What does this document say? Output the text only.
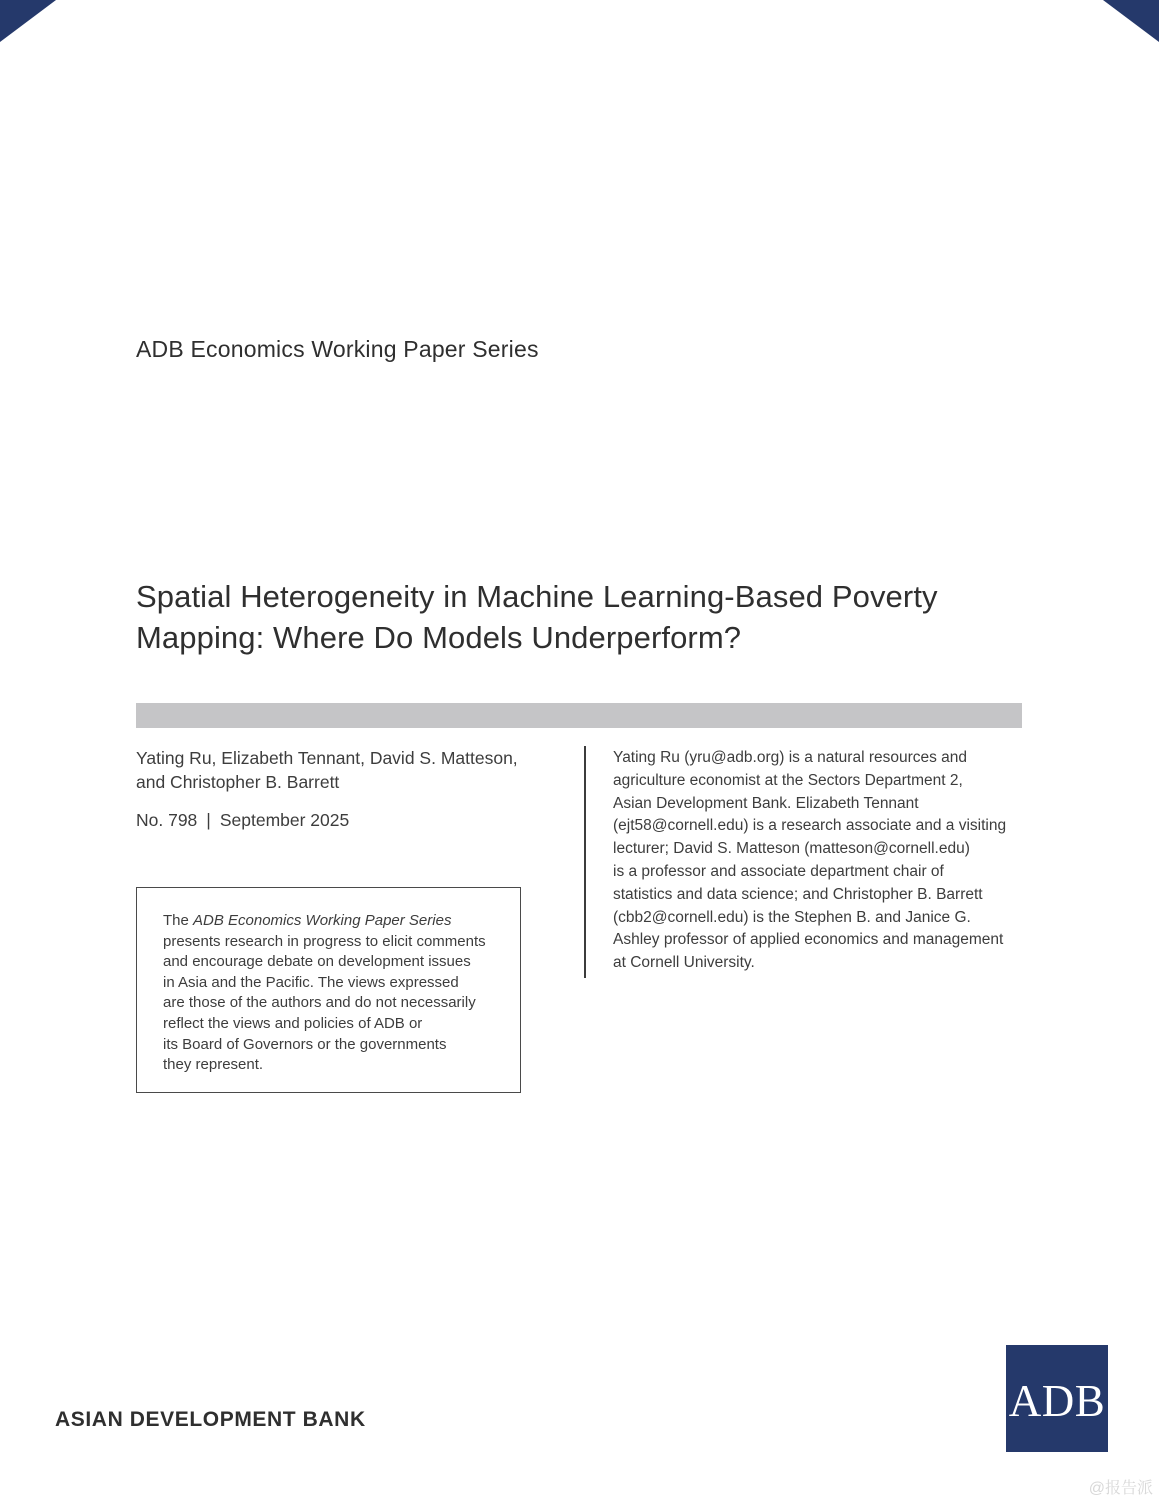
ADB Economics Working Paper Series
Spatial Heterogeneity in Machine Learning-Based Poverty
Mapping: Where Do Models Underperform?
Yating Ru, Elizabeth Tennant, David S. Matteson,
and Christopher B. Barrett
No. 798 | September 2025
The ADB Economics Working Paper Series
presents research in progress to elicit comments
and encourage debate on development issues
in Asia and the Pacific. The views expressed
are those of the authors and do not necessarily
reflect the views and policies of ADB or
its Board of Governors or the governments
they represent.
Yating Ru (yru@adb.org) is a natural resources and
agriculture economist at the Sectors Department 2,
Asian Development Bank. Elizabeth Tennant
(ejt58@cornell.edu) is a research associate and a visiting
lecturer; David S. Matteson (matteson@cornell.edu)
is a professor and associate department chair of
statistics and data science; and Christopher B. Barrett
(cbb2@cornell.edu) is the Stephen B. and Janice G.
Ashley professor of applied economics and management
at Cornell University.
ASIAN DEVELOPMENT BANK	ADB
@报告派
